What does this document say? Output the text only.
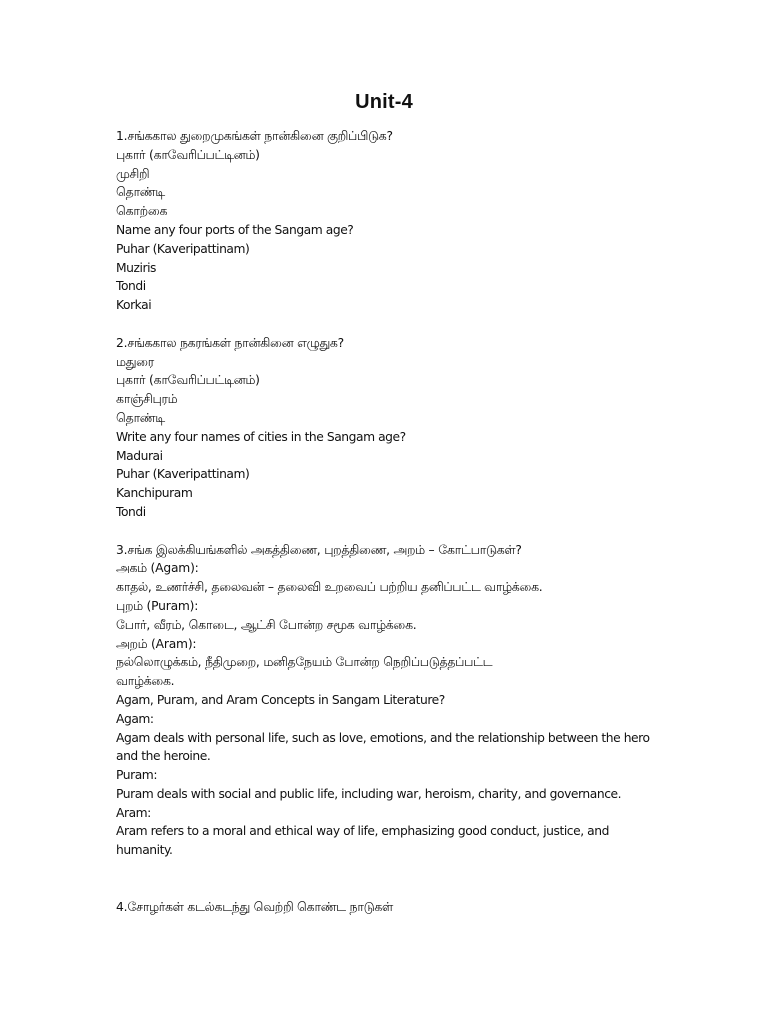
Unit-4
1.சங்ககால துறைமுகங்கள் நான்கினை குறிப்பிடுக?
புகார் (காவேரிப்பட்டினம்)
முசிறி
தொண்டி
கொற்கை
Name any four ports of the Sangam age?
Puhar (Kaveripattinam)
Muziris
Tondi
Korkai
2.சங்ககால நகரங்கள் நான்கினை எழுதுக?
மதுரை
புகார் (காவேரிப்பட்டினம்)
காஞ்சிபுரம்
தொண்டி
Write any four names of cities in the Sangam age?
Madurai
Puhar (Kaveripattinam)
Kanchipuram
Tondi
3.சங்க இலக்கியங்களில் அகத்திணை, புறத்திணை, அறம் – கோட்பாடுகள்?
அகம் (Agam):
காதல், உணர்ச்சி, தலைவன் – தலைவி உறவைப் பற்றிய தனிப்பட்ட வாழ்க்கை.
புறம் (Puram):
போர், வீரம், கொடை, ஆட்சி போன்ற சமூக வாழ்க்கை.
அறம் (Aram):
நல்லொழுக்கம், நீதிமுறை, மனிதநேயம் போன்ற நெறிப்படுத்தப்பட்ட
வாழ்க்கை.
Agam, Puram, and Aram Concepts in Sangam Literature?
Agam:
Agam deals with personal life, such as love, emotions, and the relationship between the hero
and the heroine.
Puram:
Puram deals with social and public life, including war, heroism, charity, and governance.
Aram:
Aram refers to a moral and ethical way of life, emphasizing good conduct, justice, and
humanity.
4.சோழர்கள் கடல்கடந்து வெற்றி கொண்ட நாடுகள்
